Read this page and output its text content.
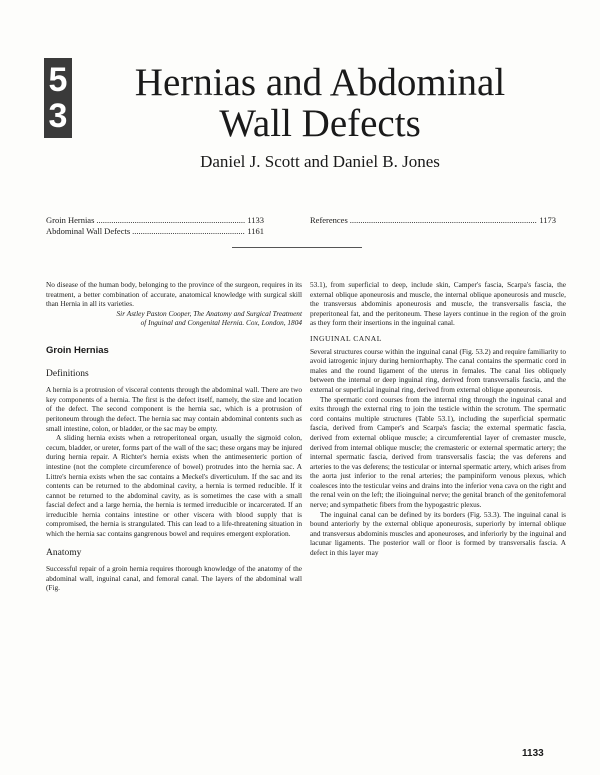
5
3
Hernias and Abdominal
Wall Defects
Daniel J. Scott and Daniel B. Jones
Groin Hernias .....	1133
Abdominal Wall Defects .....	1161
References .....	1173

No disease of the human body, belonging to the province of the surgeon, requires in its treatment, a better combination of accurate, anatomical knowledge with surgical skill than Hernia in all its varieties.

Sir Astley Paston Cooper, The Anatomy and Surgical Treatment

of Inguinal and Congenital Hernia. Cox, London, 1804

Groin Hernias
Definitions

A hernia is a protrusion of visceral contents through the abdominal wall. There are two key components of a hernia. The first is the defect itself, namely, the size and location of the defect. The second component is the hernia sac, which is a protrusion of peritoneum through the defect. The hernia sac may contain abdominal contents such as small intestine, colon, or bladder, or the sac may be empty.

A sliding hernia exists when a retroperitoneal organ, usually the sigmoid colon, cecum, bladder, or ureter, forms part of the wall of the sac; these organs may be injured during hernia repair. A Richter's hernia exists when the antimesenteric portion of intestine (not the complete circumference of bowel) protrudes into the hernia sac. A Littre's hernia exists when the sac contains a Meckel's diverticulum. If the sac and its contents can be returned to the abdominal cavity, a hernia is termed reducible. If it cannot be returned to the abdominal cavity, as is sometimes the case with a small fascial defect and a large hernia, the hernia is termed irreducible or incarcerated. If an irreducible hernia contains intestine or other viscera with blood supply that is compromised, the hernia is strangulated. This can lead to a life-threatening situation in which the hernia sac contains gangrenous bowel and requires emergent exploration.

Anatomy

Successful repair of a groin hernia requires thorough knowledge of the anatomy of the abdominal wall, inguinal canal, and femoral canal. The layers of the abdominal wall (Fig.

53.1), from superficial to deep, include skin, Camper's fascia, Scarpa's fascia, the external oblique aponeurosis and muscle, the internal oblique aponeurosis and muscle, the transversus abdominis aponeurosis and muscle, the transversalis fascia, the preperitoneal fat, and the peritoneum. These layers continue in the region of the groin as they form their insertions in the inguinal canal.

INGUINAL CANAL

Several structures course within the inguinal canal (Fig. 53.2) and require familiarity to avoid iatrogenic injury during herniorrhaphy. The canal contains the spermatic cord in males and the round ligament of the uterus in females. The canal lies obliquely between the internal or deep inguinal ring, derived from transversalis fascia, and the external or superficial inguinal ring, derived from external oblique aponeurosis.

The spermatic cord courses from the internal ring through the inguinal canal and exits through the external ring to join the testicle within the scrotum. The spermatic cord contains multiple structures (Table 53.1), including the superficial spermatic fascia, derived from Camper's and Scarpa's fascia; the external spermatic fascia, derived from external oblique muscle; a circumferential layer of cremaster muscle, derived from internal oblique muscle; the cremasteric or external spermatic artery; the internal spermatic fascia, derived from transversalis fascia; the vas deferens and arteries to the vas deferens; the testicular or internal spermatic artery, which arises from the aorta just inferior to the renal arteries; the pampiniform venous plexus, which coalesces into the testicular veins and drains into the inferior vena cava on the right and the renal vein on the left; the ilioinguinal nerve; the genital branch of the genitofemoral nerve; and sympathetic fibers from the hypogastric plexus.

The inguinal canal can be defined by its borders (Fig. 53.3). The inguinal canal is bound anteriorly by the external oblique aponeurosis, superiorly by internal oblique and transversus abdominis muscles and aponeuroses, and inferiorly by the inguinal and lacunar ligaments. The posterior wall or floor is formed by transversalis fascia. A defect in this layer may

1133
